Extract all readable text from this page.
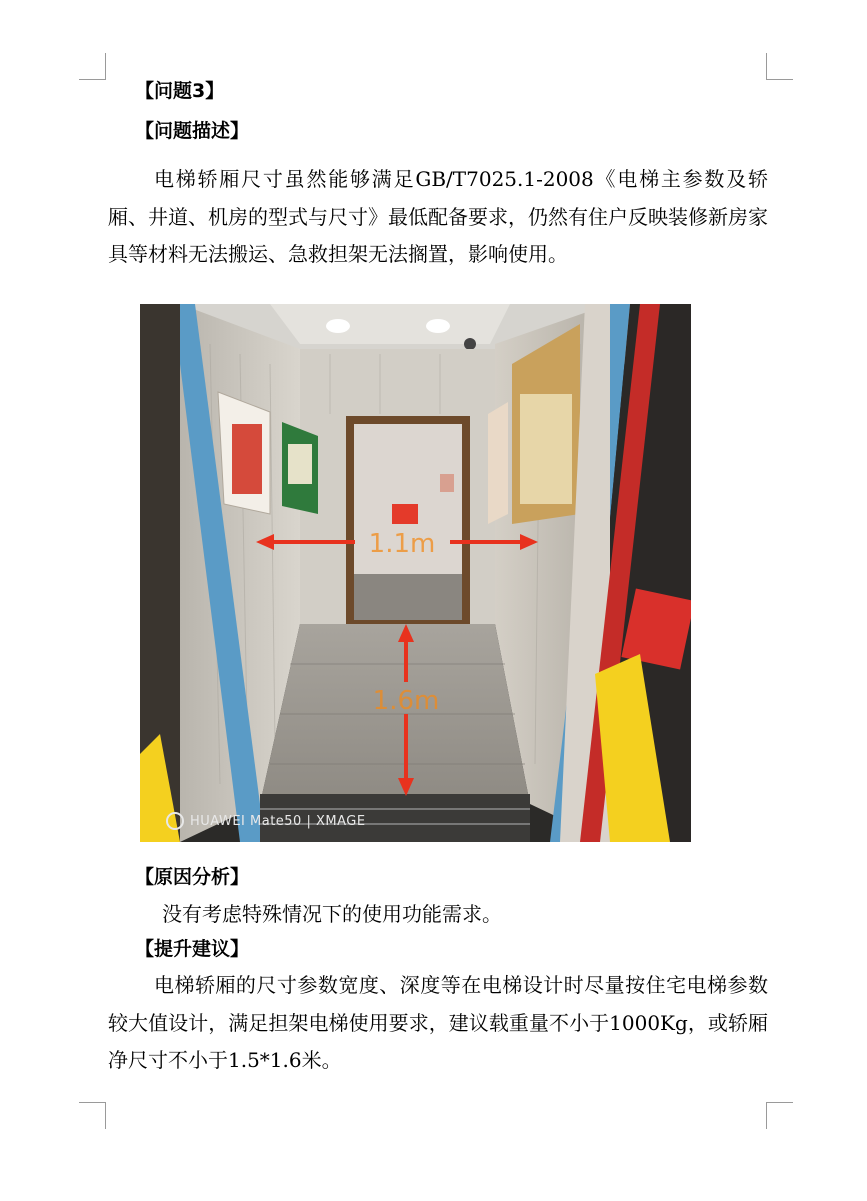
【问题3】
【问题描述】

电梯轿厢尺寸虽然能够满足GB/T7025.1-2008《电梯主参数及轿厢、井道、机房的型式与尺寸》最低配备要求，仍然有住户反映装修新房家具等材料无法搬运、急救担架无法搁置，影响使用。

1.1m
1.6m
HUAWEI Mate50 | XMAGE
【原因分析】
没有考虑特殊情况下的使用功能需求。
【提升建议】

电梯轿厢的尺寸参数宽度、深度等在电梯设计时尽量按住宅电梯参数较大值设计，满足担架电梯使用要求，建议载重量不小于1000Kg，或轿厢净尺寸不小于1.5*1.6米。
